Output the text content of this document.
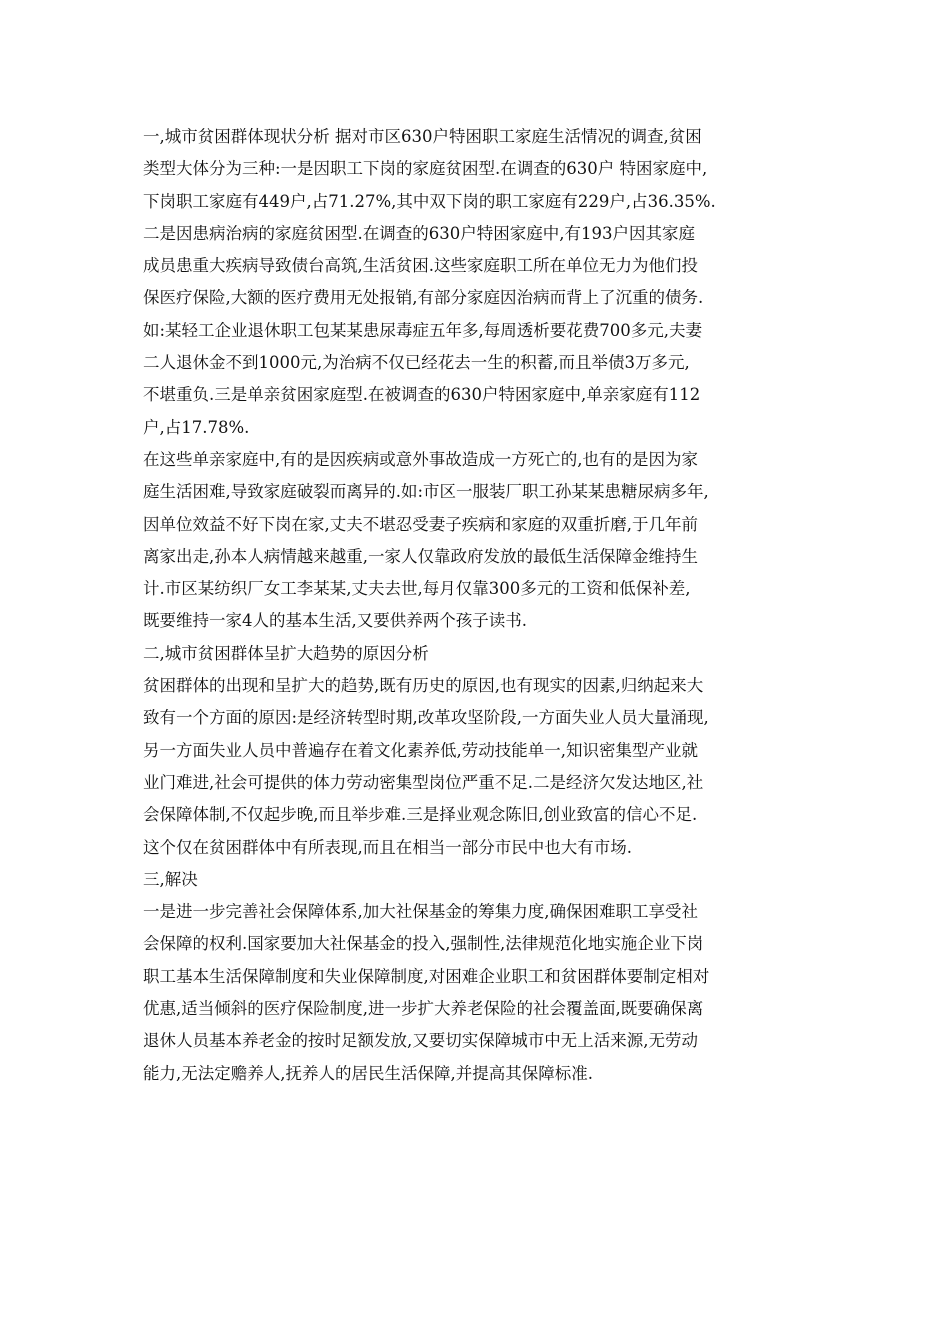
一,城市贫困群体现状分析 据对市区630户特困职工家庭生活情况的调查,贫困
类型大体分为三种:一是因职工下岗的家庭贫困型.在调查的630户 特困家庭中,
下岗职工家庭有449户,占71.27%,其中双下岗的职工家庭有229户,占36.35%.
二是因患病治病的家庭贫困型.在调查的630户特困家庭中,有193户因其家庭
成员患重大疾病导致债台高筑,生活贫困.这些家庭职工所在单位无力为他们投
保医疗保险,大额的医疗费用无处报销,有部分家庭因治病而背上了沉重的债务.
如:某轻工企业退休职工包某某患尿毒症五年多,每周透析要花费700多元,夫妻
二人退休金不到1000元,为治病不仅已经花去一生的积蓄,而且举债3万多元,
不堪重负.三是单亲贫困家庭型.在被调查的630户特困家庭中,单亲家庭有112
户,占17.78%.
在这些单亲家庭中,有的是因疾病或意外事故造成一方死亡的,也有的是因为家
庭生活困难,导致家庭破裂而离异的.如:市区一服装厂职工孙某某患糖尿病多年,
因单位效益不好下岗在家,丈夫不堪忍受妻子疾病和家庭的双重折磨,于几年前
离家出走,孙本人病情越来越重,一家人仅靠政府发放的最低生活保障金维持生
计.市区某纺织厂女工李某某,丈夫去世,每月仅靠300多元的工资和低保补差,
既要维持一家4人的基本生活,又要供养两个孩子读书.
二,城市贫困群体呈扩大趋势的原因分析
贫困群体的出现和呈扩大的趋势,既有历史的原因,也有现实的因素,归纳起来大
致有一个方面的原因:是经济转型时期,改革攻坚阶段,一方面失业人员大量涌现,
另一方面失业人员中普遍存在着文化素养低,劳动技能单一,知识密集型产业就
业门难进,社会可提供的体力劳动密集型岗位严重不足.二是经济欠发达地区,社
会保障体制,不仅起步晚,而且举步难.三是择业观念陈旧,创业致富的信心不足.
这个仅在贫困群体中有所表现,而且在相当一部分市民中也大有市场.
三,解决
一是进一步完善社会保障体系,加大社保基金的筹集力度,确保困难职工享受社
会保障的权利.国家要加大社保基金的投入,强制性,法律规范化地实施企业下岗
职工基本生活保障制度和失业保障制度,对困难企业职工和贫困群体要制定相对
优惠,适当倾斜的医疗保险制度,进一步扩大养老保险的社会覆盖面,既要确保离
退休人员基本养老金的按时足额发放,又要切实保障城市中无上活来源,无劳动
能力,无法定赡养人,抚养人的居民生活保障,并提高其保障标准.
